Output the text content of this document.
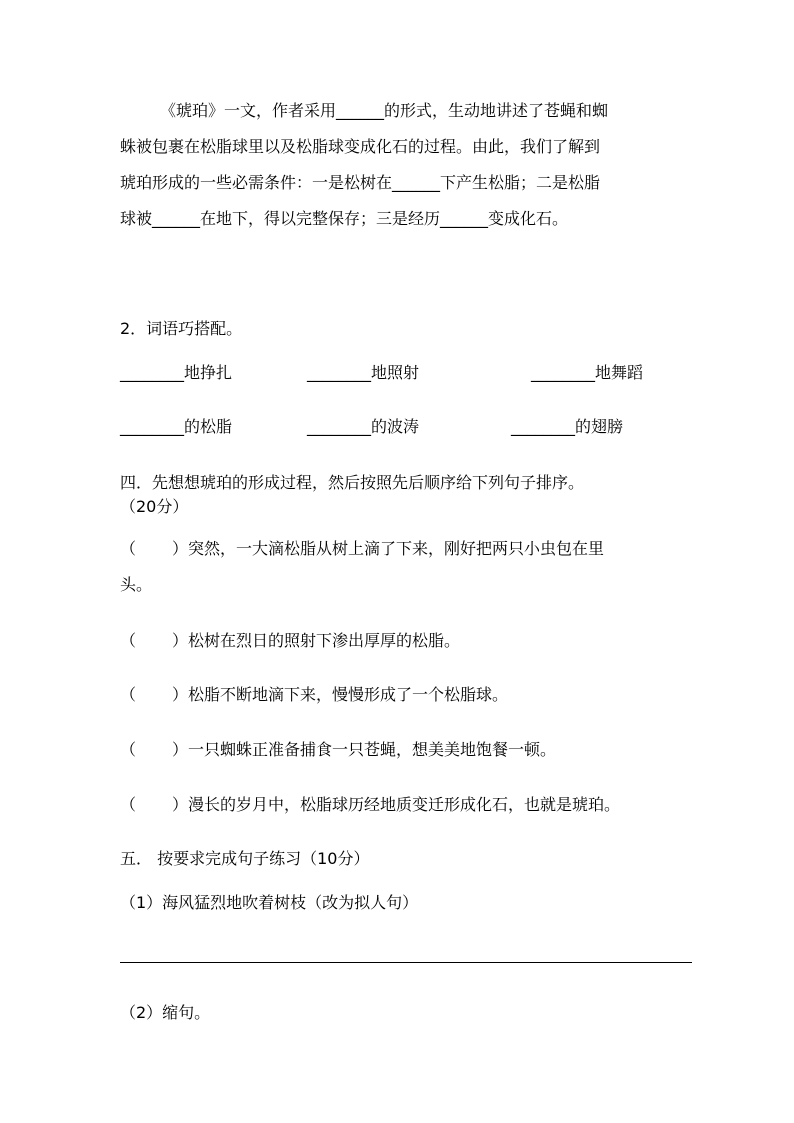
《琥珀》一文，作者采用______的形式，生动地讲述了苍蝇和蜘
蛛被包裹在松脂球里以及松脂球变成化石的过程。由此，我们了解到
琥珀形成的一些必需条件：一是松树在______下产生松脂；二是松脂
球被______在地下，得以完整保存；三是经历______变成化石。
2．词语巧搭配。
________地挣扎	________地照射	________地舞蹈
________的松脂	________的波涛	________的翅膀
四．先想想琥珀的形成过程，然后按照先后顺序给下列句子排序。
（20分）
（ ）突然，一大滴松脂从树上滴了下来，刚好把两只小虫包在里
头。
（ ）松树在烈日的照射下渗出厚厚的松脂。
（ ）松脂不断地滴下来，慢慢形成了一个松脂球。
（ ）一只蜘蛛正准备捕食一只苍蝇，想美美地饱餐一顿。
（ ）漫长的岁月中，松脂球历经地质变迁形成化石，也就是琥珀。
五． 按要求完成句子练习（10分）
（1）海风猛烈地吹着树枝（改为拟人句）
（2）缩句。
